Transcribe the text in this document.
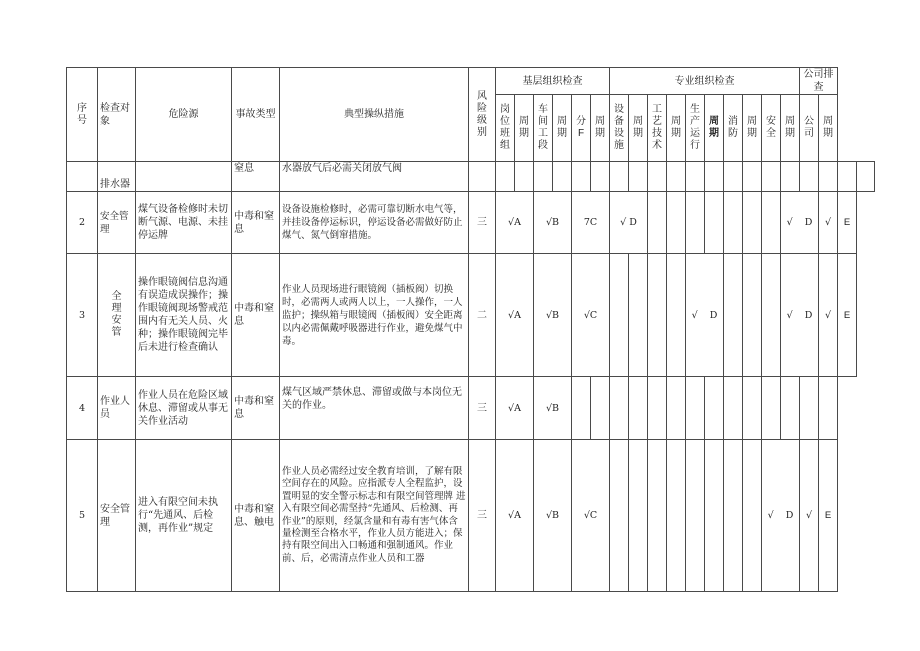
序号	检查对象	危险源	事故类型	典型操纵措施	风险级别	基层组织检查						专业组织检查										公司排查			
						岗位班组	周期	车间工段	周期	分F	周期	设备设施	周期	工艺技术	周期	生产运行	周期	消防	周期	安全	周期	公司	周期		
	排水器		窒息	水器放气后必需关闭放气阀																					
2	安全管理	煤气设备检修时未切断气源、电源、未挂停运牌	中毒和窒息	设备设施检修时，必需可靠切断水电气等，并挂设备停运标识，停运设备必需做好防止煤气、氮气倒窜措施。	三	√A		√B		7C		√ D									√ D		√	E	
3	全理安管	操作眼镜阀信息沟通有误造成误操作；操作眼镜阀现场警戒范围内有无关人员、火种；操作眼镜阀完毕后未进行检查确认	中毒和窒息	作业人员现场进行眼镜阀（插板阀）切换时，必需两人或两人以上，一人操作，一人监护；操纵箱与眼镜阀（插板阀）安全距离以内必需佩戴呼吸器进行作业，避免煤气中毒。	二	√A		√B		√C						√ D					√ D		√	E	
4	作业人员	作业人员在危险区域休息、滞留或从事无关作业活动	中毒和窒息	煤气区域严禁休息、滞留或做与本岗位无关的作业。	三	√A		√B																	
5	安全管理	进入有限空间未执行“先通风、后检测，再作业”规定	中毒和窒息、触电	作业人员必需经过安全教育培训，了解有限空间存在的风险。应指派专人全程监护，设置明显的安全警示标志和有限空间管理牌 进入有限空间必需坚持“先通风、后检测、再作业”的原则，经氯含量和有毒有害气体含量检测至合格水平，作业人员方能进入；保持有限空间出入口畅通和强制通风。作业前、后，必需清点作业人员和工器	三	√A		√B		√C										√ D		√	E		
